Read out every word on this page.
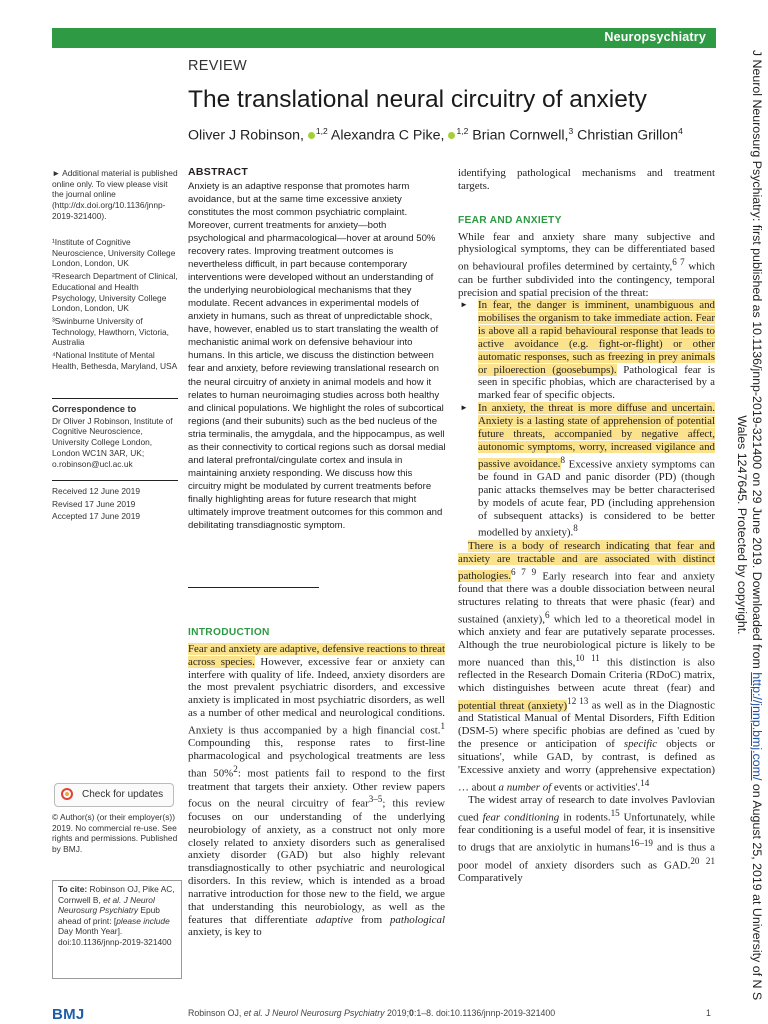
Neuropsychiatry
REVIEW
The translational neural circuitry of anxiety
Oliver J Robinson, $^{1,2}$ Alexandra C Pike, $^{1,2}$ Brian Cornwell,$^3$ Christian Grillon$^4$

► Additional material is published online only. To view please visit the journal online (http://dx.doi.org/10.1136/jnnp-2019-321400).

¹Institute of Cognitive Neuroscience, University College London, London, UK

²Research Department of Clinical, Educational and Health Psychology, University College London, London, UK

³Swinburne University of Technology, Hawthorn, Victoria, Australia

⁴National Institute of Mental Health, Bethesda, Maryland, USA

Correspondence to

Dr Oliver J Robinson, Institute of Cognitive Neuroscience, University College London, London WC1N 3AR, UK; o.robinson@ucl.ac.uk

Received 12 June 2019

Revised 17 June 2019

Accepted 17 June 2019

Check for updates

© Author(s) (or their employer(s)) 2019. No commercial re-use. See rights and permissions. Published by BMJ.

To cite: Robinson OJ, Pike AC, Cornwell B, et al. J Neurol Neurosurg Psychiatry Epub ahead of print: [please include Day Month Year]. doi:10.1136/jnnp-2019-321400
ABSTRACT

Anxiety is an adaptive response that promotes harm avoidance, but at the same time excessive anxiety constitutes the most common psychiatric complaint. Moreover, current treatments for anxiety—both psychological and pharmacological—hover at around 50% recovery rates. Improving treatment outcomes is nevertheless difficult, in part because contemporary interventions were developed without an understanding of the underlying neurobiological mechanisms that they modulate. Recent advances in experimental models of anxiety in humans, such as threat of unpredictable shock, have, however, enabled us to start translating the wealth of mechanistic animal work on defensive behaviour into humans. In this article, we discuss the distinction between fear and anxiety, before reviewing translational research on the neural circuitry of anxiety in animal models and how it relates to human neuroimaging studies across both healthy and clinical populations. We highlight the roles of subcortical regions (and their subunits) such as the bed nucleus of the stria terminalis, the amygdala, and the hippocampus, as well as their connectivity to cortical regions such as dorsal medial and lateral prefrontal/cingulate cortex and insula in maintaining anxiety responding. We discuss how this circuitry might be modulated by current treatments before finally highlighting areas for future research that might ultimately improve treatment outcomes for this common and debilitating transdiagnostic symptom.

INTRODUCTION

Fear and anxiety are adaptive, defensive reactions to threat across species. However, excessive fear or anxiety can interfere with quality of life. Indeed, anxiety disorders are the most prevalent psychiatric disorders, and excessive anxiety is implicated in most psychiatric disorders, as well as a number of other medical and neurological conditions. Anxiety is thus accompanied by a high financial cost.$^1$ Compounding this, response rates to first-line pharmacological and psychological treatments are less than 50%$^2$: most patients fail to respond to the first treatment that targets their anxiety. Other review papers focus on the neural circuitry of fear$^{3-5}$; this review focuses on our understanding of the underlying neurobiology of anxiety, as a construct not only more closely related to anxiety disorders such as generalised anxiety disorder (GAD) but also highly relevant transdiagnostically to other psychiatric and neurological disorders. In this review, which is intended as a broad narrative introduction for those new to the field, we argue that understanding this neurobiology, as well as the features that differentiate adaptive from pathological anxiety, is key to

identifying pathological mechanisms and treatment targets.

FEAR AND ANXIETY

While fear and anxiety share many subjective and physiological symptoms, they can be differentiated based on behavioural profiles determined by certainty,$^{6 7}$ which can be further subdivided into the contingency, temporal precision and spatial precision of the threat:

► In fear, the danger is imminent, unambiguous and mobilises the organism to take immediate action. Fear is above all a rapid behavioural response that leads to active avoidance (e.g. fight-or-flight) or other automatic responses, such as freezing in prey animals or piloerection (goosebumps). Pathological fear is seen in specific phobias, which are characterised by a marked fear of specific objects.
► In anxiety, the threat is more diffuse and uncertain. Anxiety is a lasting state of apprehension of potential future threats, accompanied by negative affect, autonomic symptoms, worry, increased vigilance and passive avoidance.$^8$ Excessive anxiety symptoms can be found in GAD and panic disorder (PD) (though panic attacks themselves may be better characterised by models of acute fear, PD (including apprehension of subsequent attacks) is considered to be better modelled by anxiety).$^8$

There is a body of research indicating that fear and anxiety are tractable and are associated with distinct pathologies.$^{6 7 9}$ Early research into fear and anxiety found that there was a double dissociation between neural structures relating to threats that were phasic (fear) and sustained (anxiety),$^6$ which led to a theoretical model in which anxiety and fear are putatively separate processes. Although the true neurobiological picture is likely to be more nuanced than this,$^{10 11}$ this distinction is also reflected in the Research Domain Criteria (RDoC) matrix, which distinguishes between acute threat (fear) and potential threat (anxiety)$^{12 13}$ as well as in the Diagnostic and Statistical Manual of Mental Disorders, Fifth Edition (DSM-5) where specific phobias are defined as 'cued by the presence or anticipation of specific objects or situations', while GAD, by contrast, is defined as 'Excessive anxiety and worry (apprehensive expectation) … about a number of events or activities'.$^{14}$

The widest array of research to date involves Pavlovian cued fear conditioning in rodents.$^{15}$ Unfortunately, while fear conditioning is a useful model of fear, it is insensitive to drugs that are anxiolytic in humans$^{16-19}$ and is thus a poor model of anxiety disorders such as GAD.$^{20 21}$ Comparatively

BMJ	Robinson OJ, et al. J Neurol Neurosurg Psychiatry 2019;0:1–8. doi:10.1136/jnnp-2019-321400	1
J Neurol Neurosurg Psychiatry: first published as 10.1136/jnnp-2019-321400 on 29 June 2019. Downloaded from http://jnnp.bmj.com/ on August 25, 2019 at University of N S Wales 1247645. Protected by copyright.
